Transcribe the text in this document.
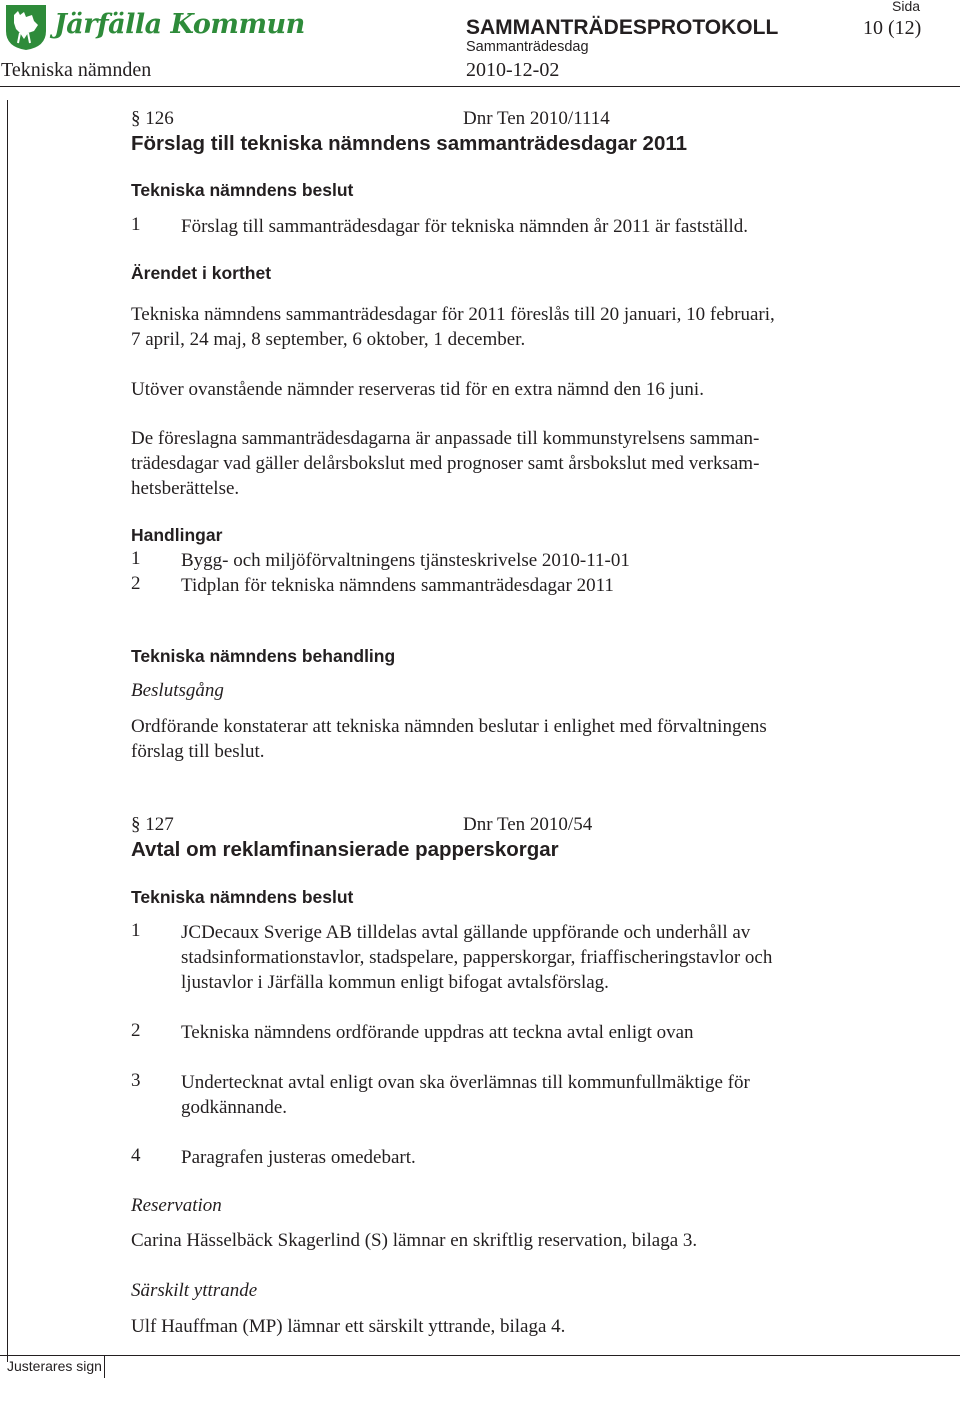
Järfälla Kommun	SAMMANTRÄDESPROTOKOLL
Sammanträdesdag
Sida
10 (12)
Tekniska nämnden	2010-12-02
§ 126	Dnr Ten 2010/1114
Förslag till tekniska nämndens sammanträdesdagar 2011
Tekniska nämndens beslut
1 Förslag till sammanträdesdagar för tekniska nämnden år 2011 är fastställd.
Ärendet i korthet
Tekniska nämndens sammanträdesdagar för 2011 föreslås till 20 januari, 10 februari,
7 april, 24 maj, 8 september, 6 oktober, 1 december.
Utöver ovanstående nämnder reserveras tid för en extra nämnd den 16 juni.
De föreslagna sammanträdesdagarna är anpassade till kommunstyrelsens samman-
trädesdagar vad gäller delårsbokslut med prognoser samt årsbokslut med verksam-
hetsberättelse.
Handlingar
1 Bygg- och miljöförvaltningens tjänsteskrivelse 2010-11-01
2 Tidplan för tekniska nämndens sammanträdesdagar 2011
Tekniska nämndens behandling
Beslutsgång
Ordförande konstaterar att tekniska nämnden beslutar i enlighet med förvaltningens
förslag till beslut.
§ 127	Dnr Ten 2010/54
Avtal om reklamfinansierade papperskorgar
Tekniska nämndens beslut
1 JCDecaux Sverige AB tilldelas avtal gällande uppförande och underhåll av
stadsinformationstavlor, stadspelare, papperskorgar, friaffischeringstavlor och
ljustavlor i Järfälla kommun enligt bifogat avtalsförslag.
2 Tekniska nämndens ordförande uppdras att teckna avtal enligt ovan
3 Undertecknat avtal enligt ovan ska överlämnas till kommunfullmäktige för
godkännande.
4 Paragrafen justeras omedebart.
Reservation
Carina Hässelbäck Skagerlind (S) lämnar en skriftlig reservation, bilaga 3.
Särskilt yttrande
Ulf Hauffman (MP) lämnar ett särskilt yttrande, bilaga 4.
Justerares sign
